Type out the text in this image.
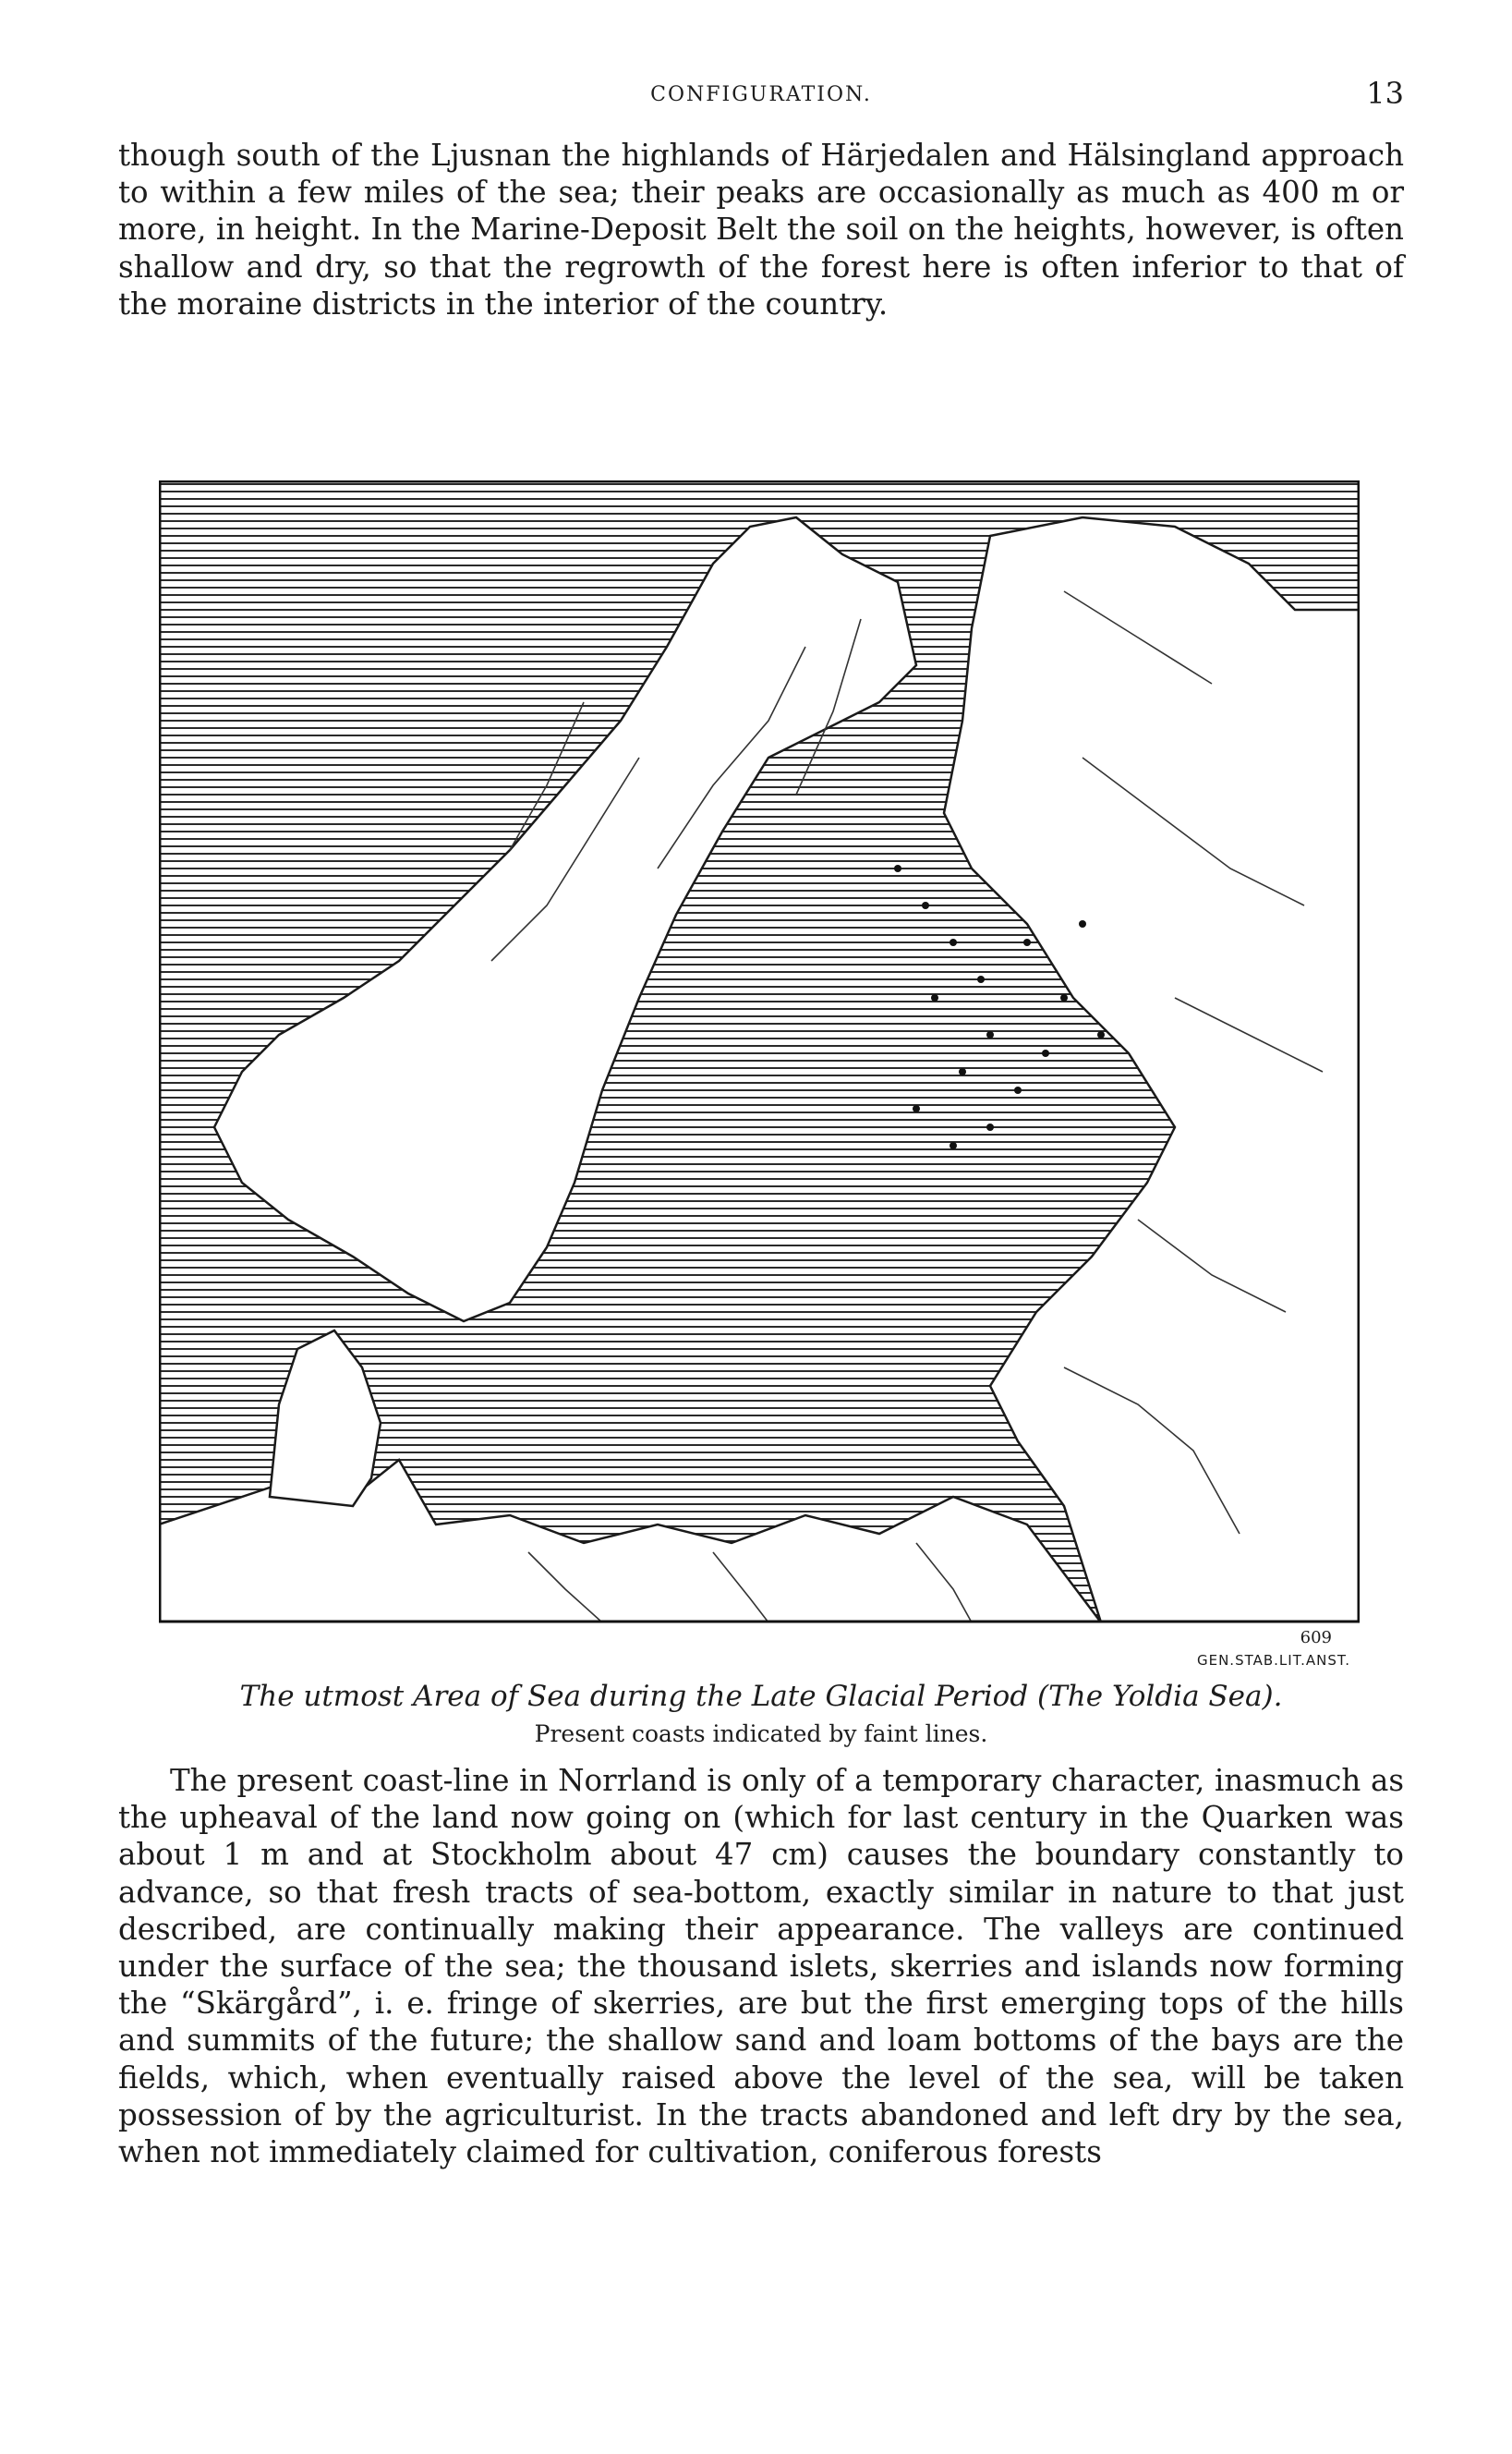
CONFIGURATION.	13

though south of the Ljusnan the highlands of Härjedalen and Hälsingland approach to within a few miles of the sea; their peaks are occasionally as much as 400 m or more, in height. In the Marine-Deposit Belt the soil on the heights, however, is often shallow and dry, so that the regrowth of the forest here is often inferior to that of the moraine districts in the interior of the country.

609
GEN.STAB.LIT.ANST.

The utmost Area of Sea during the Late Glacial Period (The Yoldia Sea).

Present coasts indicated by faint lines.

The present coast-line in Norrland is only of a temporary character, inasmuch as the upheaval of the land now going on (which for last century in the Quarken was about 1 m and at Stockholm about 47 cm) causes the boundary constantly to advance, so that fresh tracts of sea-bottom, exactly similar in nature to that just described, are continually making their appearance. The valleys are continued under the surface of the sea; the thousand islets, skerries and islands now forming the “Skärgård”, i. e. fringe of skerries, are but the first emerging tops of the hills and summits of the future; the shallow sand and loam bottoms of the bays are the fields, which, when eventually raised above the level of the sea, will be taken possession of by the agriculturist. In the tracts abandoned and left dry by the sea, when not immediately claimed for cultivation, coniferous forests
